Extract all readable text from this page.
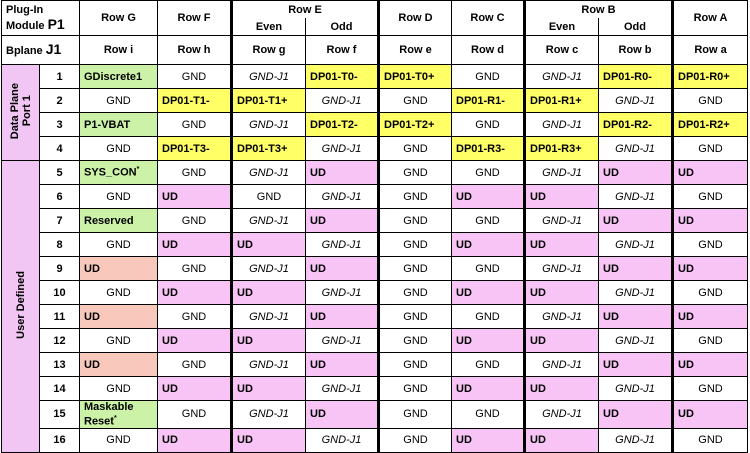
Plug-In
Module P1		Row G	Row F	Row E		Row D	Row C	Row B		Row A
				Even	Odd			Even	Odd	
Bplane J1		Row i	Row h	Row g	Row f	Row e	Row d	Row c	Row b	Row a
Data Plane
Port 1	1	GDiscrete1	GND	GND-J1	DP01-T0-	DP01-T0+	GND	GND-J1	DP01-R0-	DP01-R0+
	2	GND	DP01-T1-	DP01-T1+	GND-J1	GND	DP01-R1-	DP01-R1+	GND-J1	GND
	3	P1-VBAT	GND	GND-J1	DP01-T2-	DP01-T2+	GND	GND-J1	DP01-R2-	DP01-R2+
	4	GND	DP01-T3-	DP01-T3+	GND-J1	GND	DP01-R3-	DP01-R3+	GND-J1	GND
User Defined	5	SYS_CON*	GND	GND-J1	UD	GND	GND	GND-J1	UD	UD
	6	GND	UD	GND	GND-J1	GND	UD	UD	GND-J1	GND
	7	Reserved	GND	GND-J1	UD	GND	GND	GND-J1	UD	UD
	8	GND	UD	UD	GND-J1	GND	UD	UD	GND-J1	GND
	9	UD	GND	GND-J1	UD	GND	GND	GND-J1	UD	UD
	10	GND	UD	UD	GND-J1	GND	UD	UD	GND-J1	GND
	11	UD	GND	GND-J1	UD	GND	GND	GND-J1	UD	UD
	12	GND	UD	UD	GND-J1	GND	UD	UD	GND-J1	GND
	13	UD	GND	GND-J1	UD	GND	GND	GND-J1	UD	UD
	14	GND	UD	UD	GND-J1	GND	UD	UD	GND-J1	GND
	15	Maskable Reset*	GND	GND-J1	UD	GND	GND	GND-J1	UD	UD
	16	GND	UD	UD	GND-J1	GND	UD	UD	GND-J1	GND
